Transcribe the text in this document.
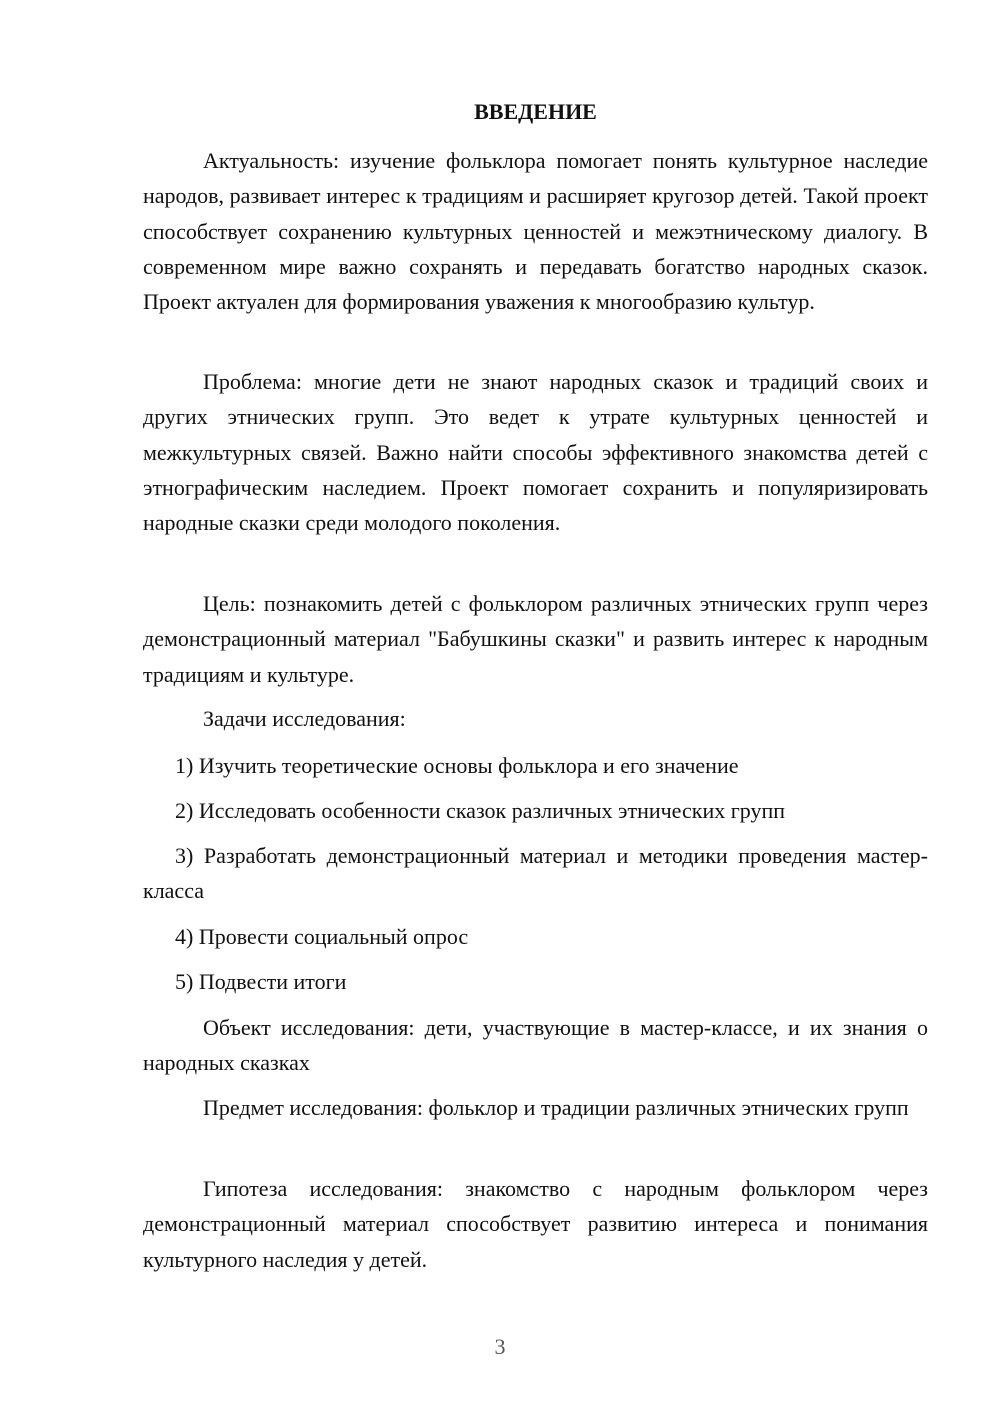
ВВЕДЕНИЕ

Актуальность: изучение фольклора помогает понять культурное наследие народов, развивает интерес к традициям и расширяет кругозор детей. Такой проект способствует сохранению культурных ценностей и межэтническому диалогу. В современном мире важно сохранять и передавать богатство народных сказок. Проект актуален для формирования уважения к многообразию культур.

Проблема: многие дети не знают народных сказок и традиций своих и других этнических групп. Это ведет к утрате культурных ценностей и межкультурных связей. Важно найти способы эффективного знакомства детей с этнографическим наследием. Проект помогает сохранить и популяризировать народные сказки среди молодого поколения.

Цель: познакомить детей с фольклором различных этнических групп через демонстрационный материал "Бабушкины сказки" и развить интерес к народным традициям и культуре.

Задачи исследования:

1) Изучить теоретические основы фольклора и его значение

2) Исследовать особенности сказок различных этнических групп

3) Разработать демонстрационный материал и методики проведения мастер-класса

4) Провести социальный опрос

5) Подвести итоги

Объект исследования: дети, участвующие в мастер-классе, и их знания о народных сказках

Предмет исследования: фольклор и традиции различных этнических групп

Гипотеза исследования: знакомство с народным фольклором через демонстрационный материал способствует развитию интереса и понимания культурного наследия у детей.

3
